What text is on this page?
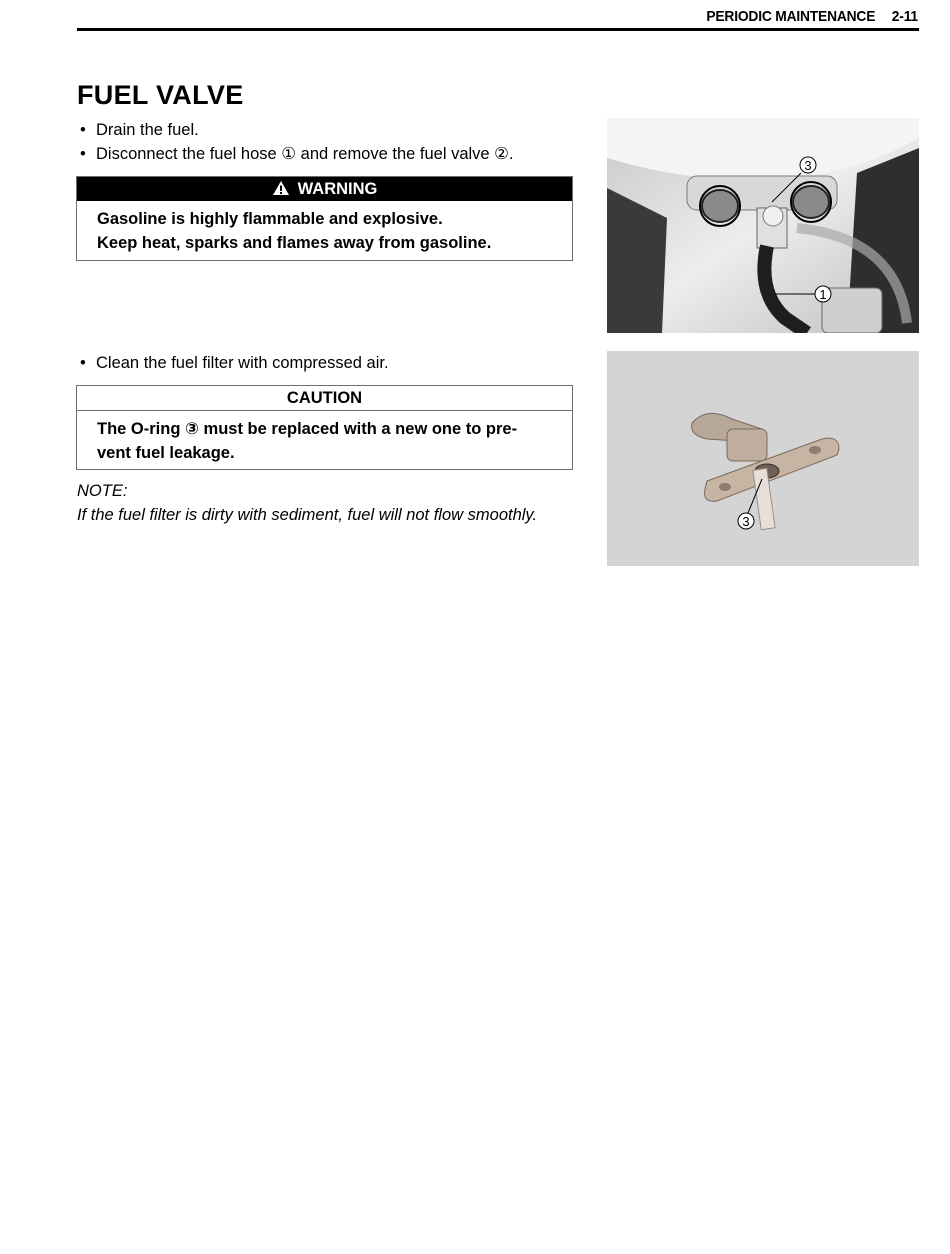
PERIODIC MAINTENANCE 2-11
FUEL VALVE
• Drain the fuel.
• Disconnect the fuel hose ① and remove the fuel valve ②.
WARNING
Gasoline is highly flammable and explosive.
Keep heat, sparks and flames away from gasoline.
• Clean the fuel filter with compressed air.
CAUTION
The O-ring ③ must be replaced with a new one to pre-
vent fuel leakage.
NOTE:
If the fuel filter is dirty with sediment, fuel will not flow smoothly.
3
1
3
